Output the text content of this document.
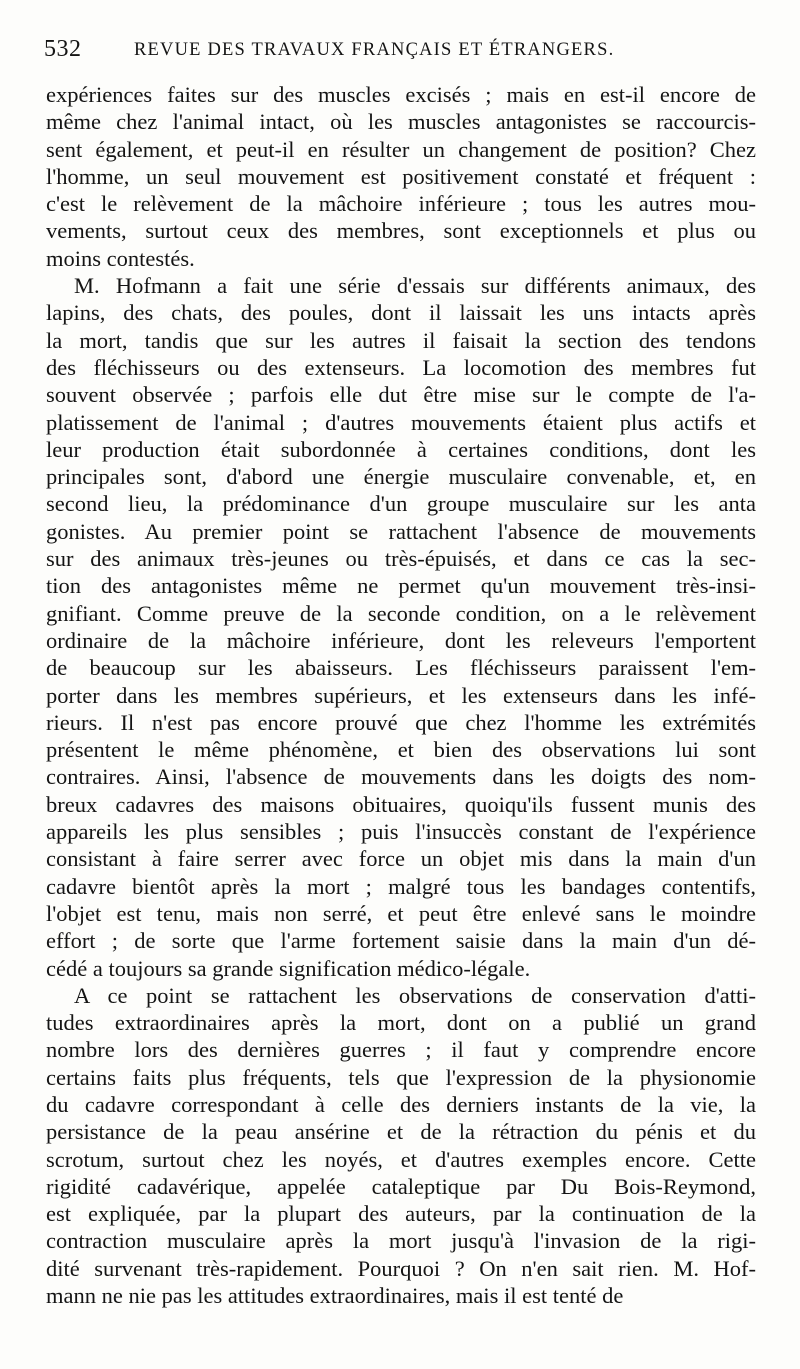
532	REVUE DES TRAVAUX FRANÇAIS ET ÉTRANGERS.
expériences faites sur des muscles excisés ; mais en est-il encore de
même chez l'animal intact, où les muscles antagonistes se raccourcis-
sent également, et peut-il en résulter un changement de position? Chez
l'homme, un seul mouvement est positivement constaté et fréquent :
c'est le relèvement de la mâchoire inférieure ; tous les autres mou-
vements, surtout ceux des membres, sont exceptionnels et plus ou
moins contestés.
M. Hofmann a fait une série d'essais sur différents animaux, des
lapins, des chats, des poules, dont il laissait les uns intacts après
la mort, tandis que sur les autres il faisait la section des tendons
des fléchisseurs ou des extenseurs. La locomotion des membres fut
souvent observée ; parfois elle dut être mise sur le compte de l'a-
platissement de l'animal ; d'autres mouvements étaient plus actifs et
leur production était subordonnée à certaines conditions, dont les
principales sont, d'abord une énergie musculaire convenable, et, en
second lieu, la prédominance d'un groupe musculaire sur les anta
gonistes. Au premier point se rattachent l'absence de mouvements
sur des animaux très-jeunes ou très-épuisés, et dans ce cas la sec-
tion des antagonistes même ne permet qu'un mouvement très-insi-
gnifiant. Comme preuve de la seconde condition, on a le relèvement
ordinaire de la mâchoire inférieure, dont les releveurs l'emportent
de beaucoup sur les abaisseurs. Les fléchisseurs paraissent l'em-
porter dans les membres supérieurs, et les extenseurs dans les infé-
rieurs. Il n'est pas encore prouvé que chez l'homme les extrémités
présentent le même phénomène, et bien des observations lui sont
contraires. Ainsi, l'absence de mouvements dans les doigts des nom-
breux cadavres des maisons obituaires, quoiqu'ils fussent munis des
appareils les plus sensibles ; puis l'insuccès constant de l'expérience
consistant à faire serrer avec force un objet mis dans la main d'un
cadavre bientôt après la mort ; malgré tous les bandages contentifs,
l'objet est tenu, mais non serré, et peut être enlevé sans le moindre
effort ; de sorte que l'arme fortement saisie dans la main d'un dé-
cédé a toujours sa grande signification médico-légale.
A ce point se rattachent les observations de conservation d'atti-
tudes extraordinaires après la mort, dont on a publié un grand
nombre lors des dernières guerres ; il faut y comprendre encore
certains faits plus fréquents, tels que l'expression de la physionomie
du cadavre correspondant à celle des derniers instants de la vie, la
persistance de la peau ansérine et de la rétraction du pénis et du
scrotum, surtout chez les noyés, et d'autres exemples encore. Cette
rigidité cadavérique, appelée cataleptique par Du Bois-Reymond,
est expliquée, par la plupart des auteurs, par la continuation de la
contraction musculaire après la mort jusqu'à l'invasion de la rigi-
dité survenant très-rapidement. Pourquoi ? On n'en sait rien. M. Hof-
mann ne nie pas les attitudes extraordinaires, mais il est tenté de
